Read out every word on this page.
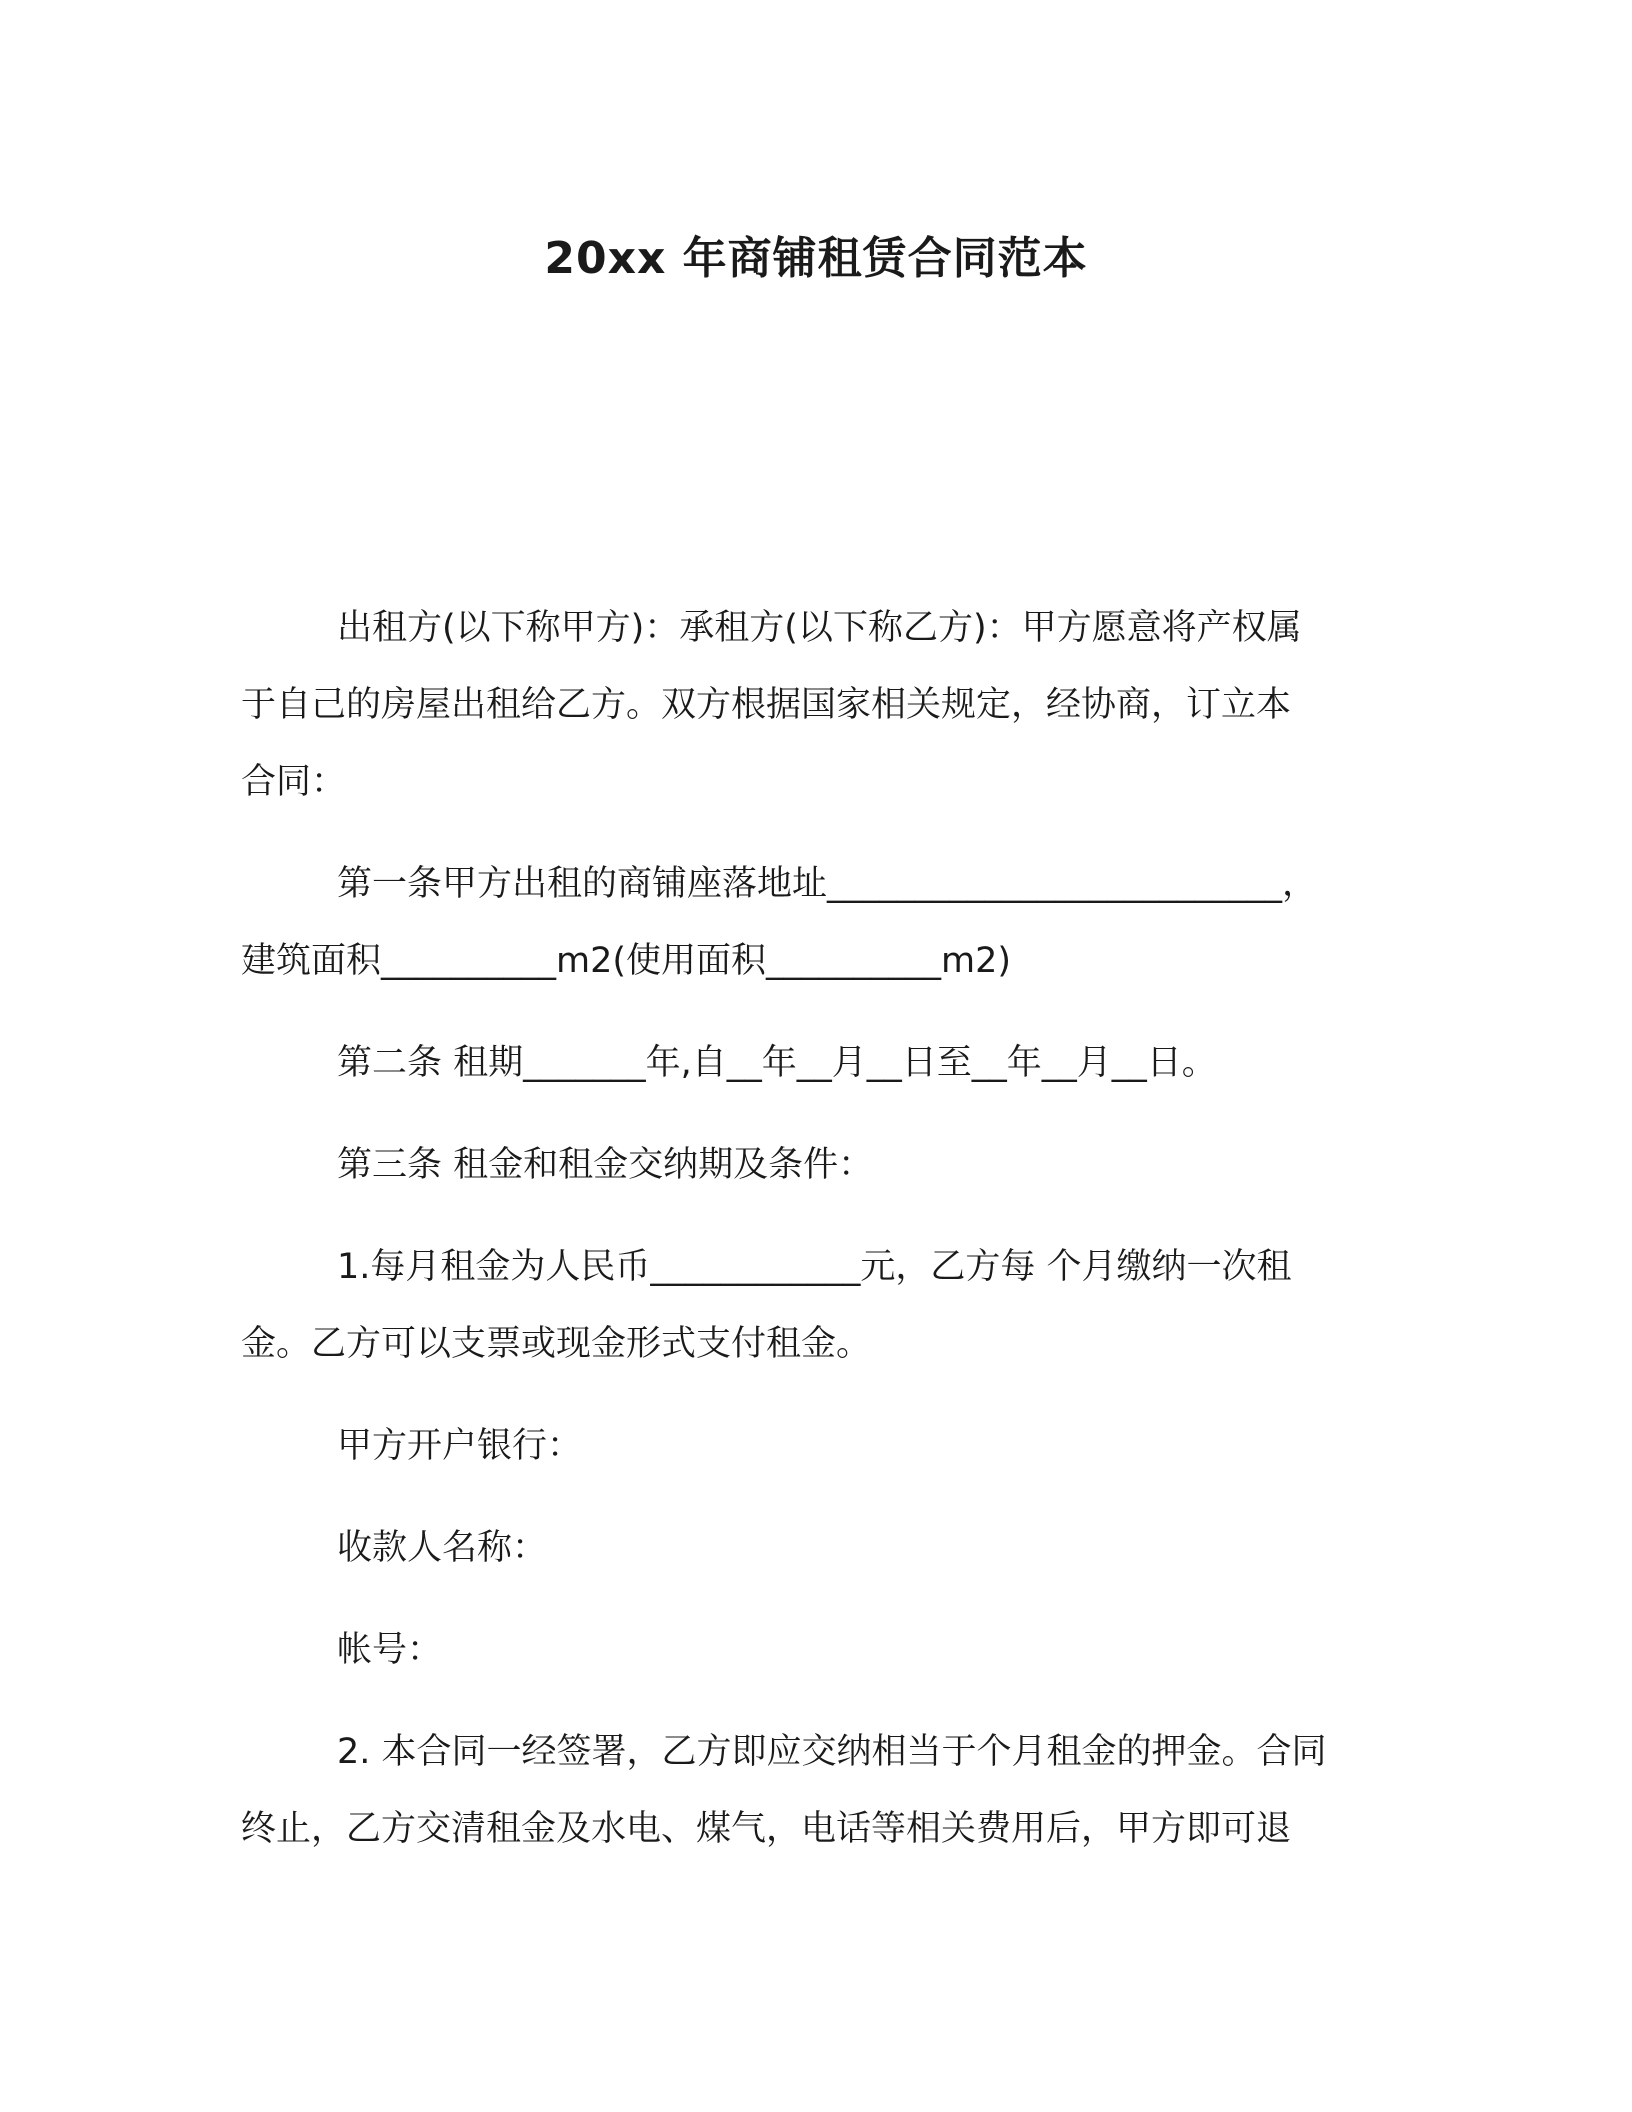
20xx 年商铺租赁合同范本
出租方(以下称甲方)：承租方(以下称乙方)：甲方愿意将产权属
于自己的房屋出租给乙方。双方根据国家相关规定，经协商，订立本
合同：
第一条甲方出租的商铺座落地址__________________________，
建筑面积__________m2(使用面积__________m2)
第二条 租期_______年,自__年__月__日至__年__月__日。
第三条 租金和租金交纳期及条件：
1.每月租金为人民币____________元，乙方每 个月缴纳一次租
金。乙方可以支票或现金形式支付租金。
甲方开户银行：
收款人名称：
帐号：
2. 本合同一经签署，乙方即应交纳相当于个月租金的押金。合同
终止，乙方交清租金及水电、煤气，电话等相关费用后，甲方即可退
